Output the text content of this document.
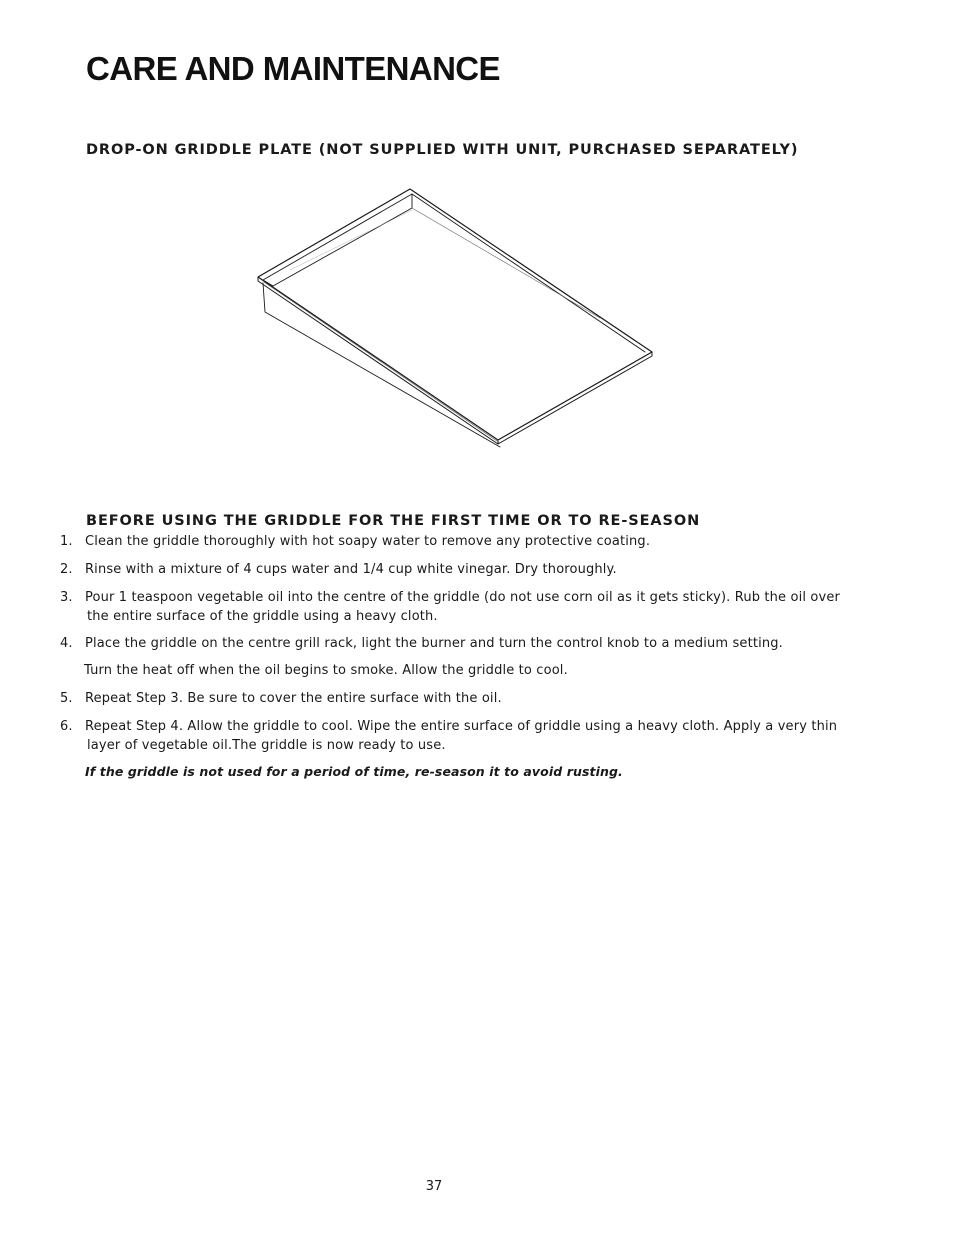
CARE AND MAINTENANCE
DROP-ON GRIDDLE PLATE (NOT SUPPLIED WITH UNIT, PURCHASED SEPARATELY)
BEFORE USING THE GRIDDLE FOR THE FIRST TIME OR TO RE-SEASON
1. Clean the griddle thoroughly with hot soapy water to remove any protective coating.
2. Rinse with a mixture of 4 cups water and 1/4 cup white vinegar. Dry thoroughly.
3. Pour 1 teaspoon vegetable oil into the centre of the griddle (do not use corn oil as it gets sticky). Rub the oil over
the entire surface of the griddle using a heavy cloth.
4. Place the griddle on the centre grill rack, light the burner and turn the control knob to a medium setting.
5. Repeat Step 3. Be sure to cover the entire surface with the oil.
6. Repeat Step 4. Allow the griddle to cool. Wipe the entire surface of griddle using a heavy cloth. Apply a very thin
layer of vegetable oil.The griddle is now ready to use.
Turn the heat off when the oil begins to smoke. Allow the griddle to cool.
If the griddle is not used for a period of time, re-season it to avoid rusting.
37
